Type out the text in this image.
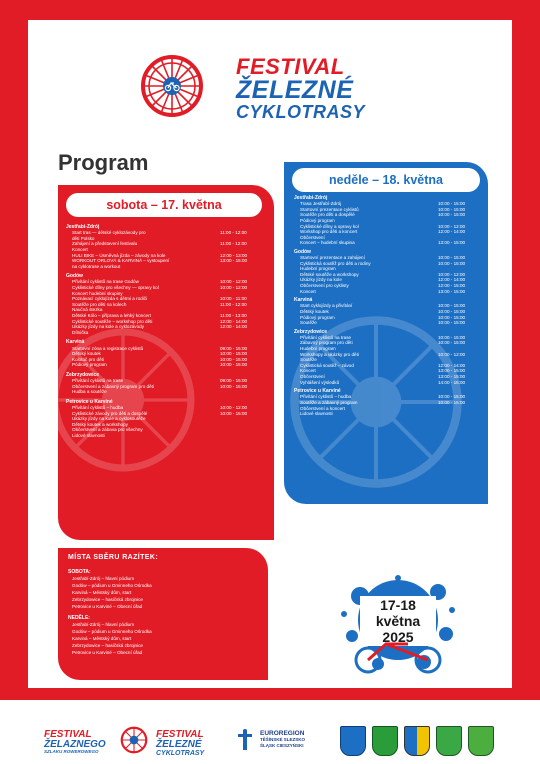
FESTIVAL
ŽELEZNÉ
CYKLOTRASY
Program
sobota – 17. května
Jestřabí-Zdrój
Start tras — dětské cyklozávody pro	11:00 - 12:00
děti Polsko
Zahájení a představení festivalu	11:00 - 12:00
Koncert
HULI BIKE – Úsměvná jízda – závody na kole	12:00 - 13:00
WORKOUT ORLOVÁ & KARVINÁ – vystoupení	13:00 - 15:00
na cyklotrase a workout
Godów
Přivítání cyklistů na trase Godów	10:00 - 12:00
Cyklistické dílny pro všechny — opravy kol	10:00 - 12:00
Koncert hudební skupiny
Poznávací cyklojízda s dětmi a rodiči	10:00 - 11:00
Soutěže pro děti na kolech	11:00 - 12:00
Naučná stezka
Dětské Kólo – příprava a lehký koncert	11:00 - 13:00
Cyklistické soutěže – workshop pro děti	12:00 - 14:00
Ukázky jízdy na kole a cyklozávody	12:00 - 14:00
Dílnička
Karviná
Startovní zóna a registrace cyklistů	09:00 - 15:00
Dětský koutek	10:00 - 15:00
Kolotoč pro děti	10:00 - 15:00
Pódiový program	10:00 - 15:00
Zebrzydowice
Přivítání cyklistů na trase	09:00 - 15:00
Občerstvení a zábavný program pro děti	10:00 - 15:00
Hudba a soutěže
Petrovice u Karviné
Přivítání cyklistů – hudba	10:00 - 12:00
Cyklistické závody pro děti a dospělé	10:00 - 15:00
Ukázky jízdy na kole a cyklosoutěže
Dětský koutek a workshopy
Občerstvení a zábava pro všechny
Lidové slavnosti
neděle – 18. května
Jestřabí-Zdrój
Trasa Jestřabí-Zdrój	10:00 - 15:00
Startovní prezentace cyklistů	10:00 - 15:00
Soutěže pro děti a dospělé	10:00 - 15:00
Pódiový program
Cyklistické dílny a opravy kol	10:00 - 12:00
Workshop pro děti a koncert	12:00 - 14:00
Občerstvení
Koncert – hudební skupina	13:00 - 15:00
Godów
Startovní prezentace a zahájení	10:00 - 15:00
Cyklistická soutěž pro děti a rodiny	10:00 - 15:00
Hudební program
Dětské soutěže a workshopy	10:00 - 12:00
Ukázky jízdy na kole	12:00 - 14:00
Občerstvení pro cyklisty	12:00 - 15:00
Koncert	13:00 - 15:00
Karviná
Start cyklojízdy a přivítání	10:00 - 15:00
Dětský koutek	10:00 - 15:00
Pódiový program	10:00 - 15:00
Soutěže	10:00 - 15:00
Zebrzydowice
Přivítání cyklistů na trase	10:00 - 15:00
Zábavný program pro děti	10:00 - 15:00
Hudební program
Workshopy a ukázky pro děti	10:00 - 12:00
Soutěže
Cyklistická soutěž – závod	12:00 - 14:00
Koncert	13:00 - 15:00
Občerstvení	13:00 - 15:00
Vyhlášení výsledků	14:00 - 15:00
Petrovice u Karviné
Přivítání cyklistů – hudba	10:00 - 15:00
Soutěže a zábavný program	10:00 - 15:00
Občerstvení a koncert
Lidové slavnosti
MÍSTA SBĚRU RAZÍTEK:
SOBOTA:
Jestřabí-Zdrój – hlavní pódium
Godów – pódium u Gminneho Ośrodka
Karviná – Městský dům, start
Zebrzydowice – hasičská zbrojnice
Petrovice u Karviné – Obecní úřad
NEDĚLE:
Jestřabí-Zdrój – hlavní pódium
Godów – pódium u Gminneho Ośrodka
Karviná – Městský dům, start
Zebrzydowice – hasičská zbrojnice
Petrovice u Karviné – Obecní úřad
17-18
května
2025
FESTIVAL
ŽELAZNEGO
SZLAKU ROWEROWEGO
FESTIVAL
ŽELEZNÉ
CYKLOTRASY
EUROREGION
TĚŠÍNSKÉ SLEZSKO
ŚLĄSK CIESZYŃSKI
